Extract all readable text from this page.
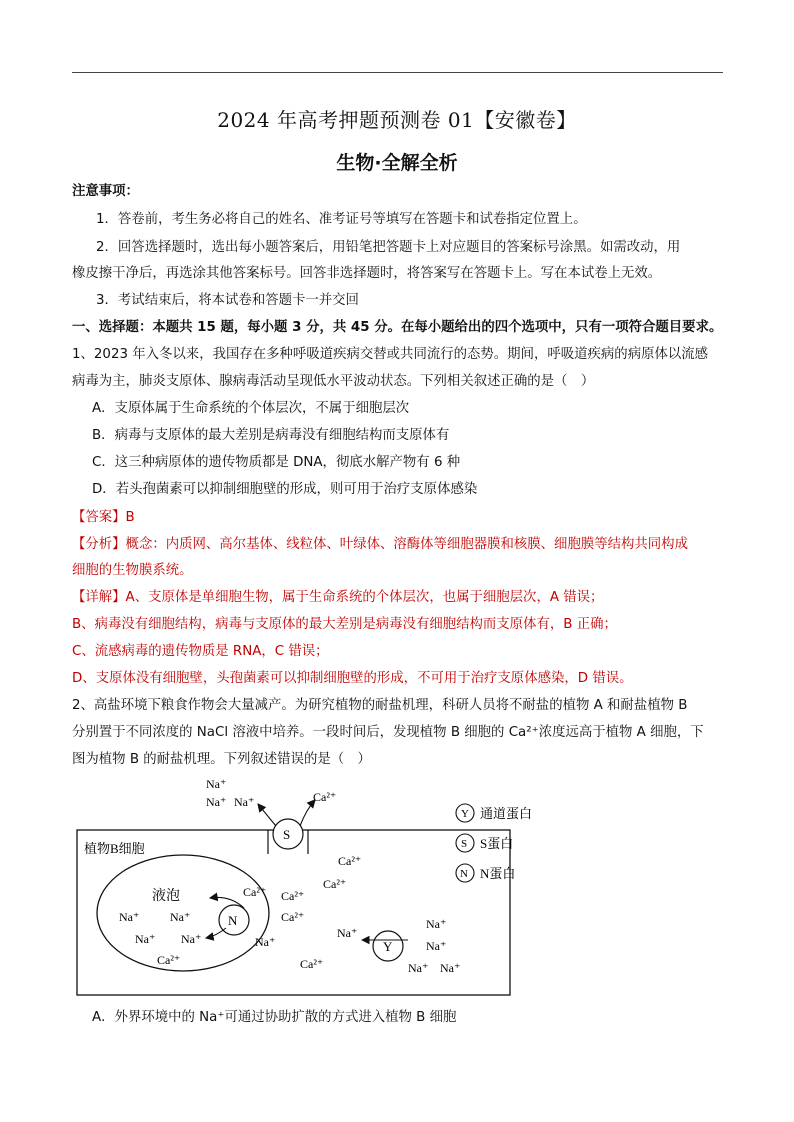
2024 年高考押题预测卷 01【安徽卷】
生物·全解全析
注意事项：
1．答卷前，考生务必将自己的姓名、准考证号等填写在答题卡和试卷指定位置上。
2．回答选择题时，选出每小题答案后，用铅笔把答题卡上对应题目的答案标号涂黑。如需改动，用
橡皮擦干净后，再选涂其他答案标号。回答非选择题时，将答案写在答题卡上。写在本试卷上无效。
3．考试结束后，将本试卷和答题卡一并交回
一、选择题：本题共 15 题，每小题 3 分，共 45 分。在每小题给出的四个选项中，只有一项符合题目要求。
1、2023 年入冬以来，我国存在多种呼吸道疾病交替或共同流行的态势。期间，呼吸道疾病的病原体以流感
病毒为主，肺炎支原体、腺病毒活动呈现低水平波动状态。下列相关叙述正确的是（　）
A．支原体属于生命系统的个体层次，不属于细胞层次
B．病毒与支原体的最大差别是病毒没有细胞结构而支原体有
C．这三种病原体的遗传物质都是 DNA，彻底水解产物有 6 种
D．若头孢菌素可以抑制细胞壁的形成，则可用于治疗支原体感染
【答案】B
【分析】概念：内质网、高尔基体、线粒体、叶绿体、溶酶体等细胞器膜和核膜、细胞膜等结构共同构成
细胞的生物膜系统。
【详解】A、支原体是单细胞生物，属于生命系统的个体层次，也属于细胞层次，A 错误；
B、病毒没有细胞结构，病毒与支原体的最大差别是病毒没有细胞结构而支原体有，B 正确；
C、流感病毒的遗传物质是 RNA，C 错误；
D、支原体没有细胞壁，头孢菌素可以抑制细胞壁的形成，不可用于治疗支原体感染，D 错误。
2、高盐环境下粮食作物会大量减产。为研究植物的耐盐机理，科研人员将不耐盐的植物 A 和耐盐植物 B
分别置于不同浓度的 NaCl 溶液中培养。一段时间后，发现植物 B 细胞的 Ca²⁺浓度远高于植物 A 细胞，下
图为植物 B 的耐盐机理。下列叙述错误的是（　）
植物B细胞
液泡
Na⁺	Na⁺
Na⁺ Na⁺
Ca²⁺
S
Na⁺
Na⁺ Na⁺	Ca²⁺
N
Ca²⁺
Na⁺
Ca²⁺
Ca²⁺
Ca²⁺
Ca²⁺
Ca²⁺
Na⁺
Y
Na⁺
Na⁺
Na⁺ Na⁺
Y 通道蛋白
S S蛋白
N N蛋白
A．外界环境中的 Na⁺可通过协助扩散的方式进入植物 B 细胞
